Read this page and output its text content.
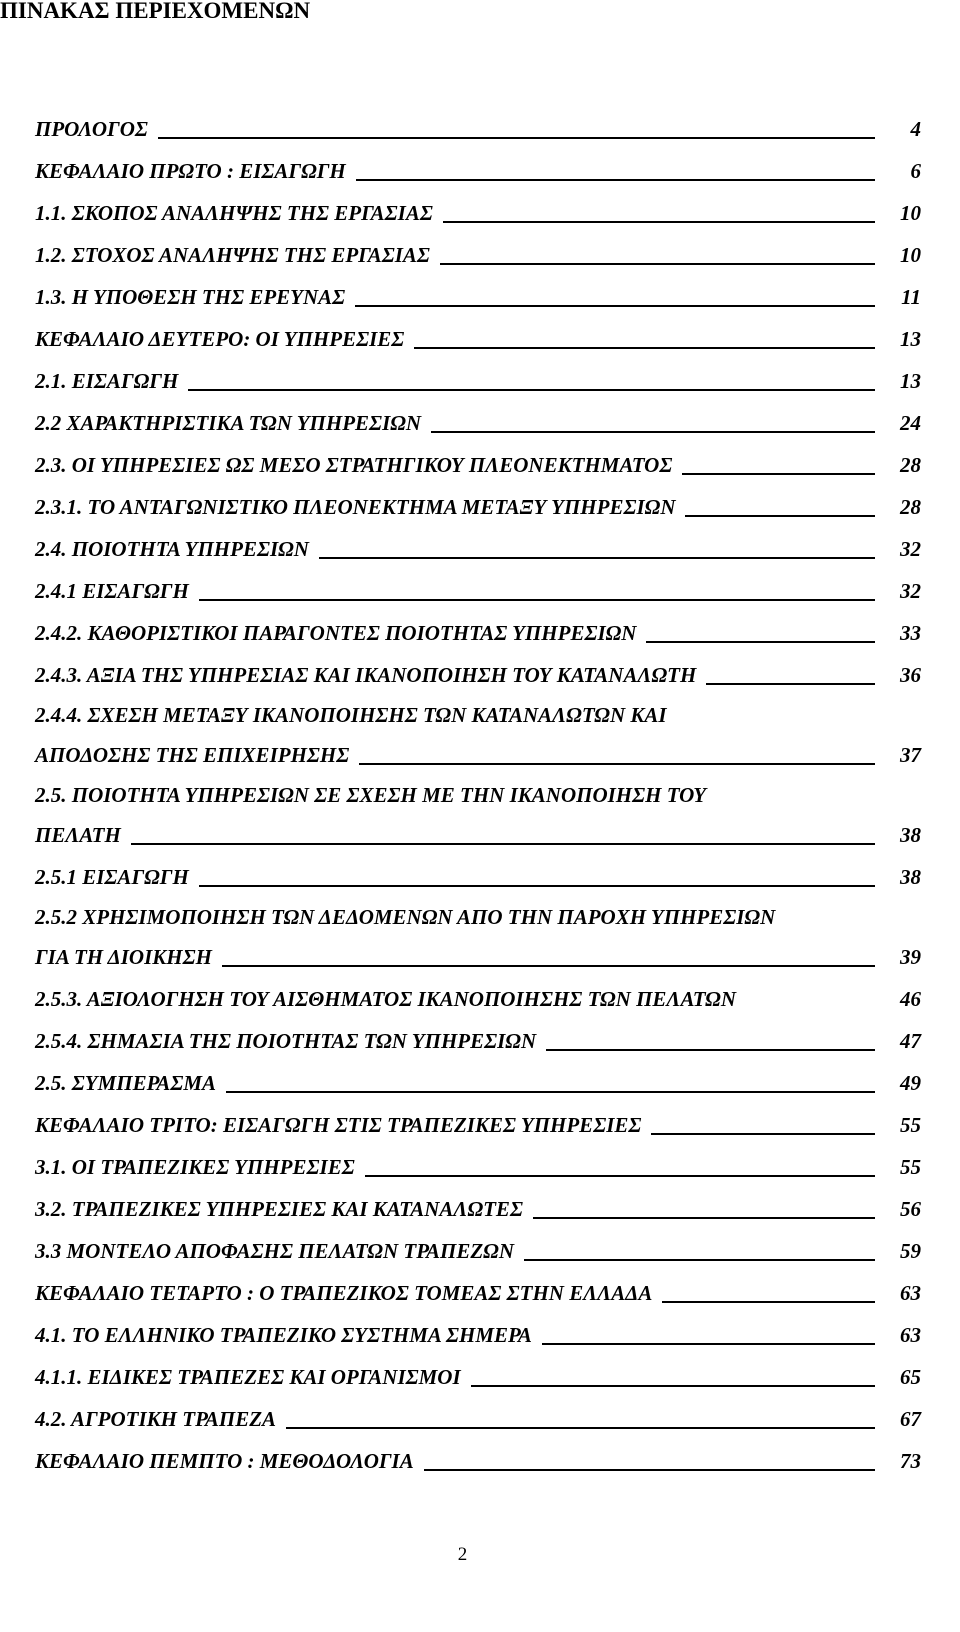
ΠΙΝΑΚΑΣ ΠΕΡΙΕΧΟΜΕΝΩΝ
ΠΡΟΛΟΓΟΣ	4
ΚΕΦΑΛΑΙΟ ΠΡΩΤΟ : ΕΙΣΑΓΩΓΗ	6
1.1. ΣΚΟΠΟΣ ΑΝΑΛΗΨΗΣ ΤΗΣ ΕΡΓΑΣΙΑΣ	10
1.2. ΣΤΟΧΟΣ ΑΝΑΛΗΨΗΣ ΤΗΣ ΕΡΓΑΣΙΑΣ	10
1.3. Η ΥΠΟΘΕΣΗ ΤΗΣ ΕΡΕΥΝΑΣ	11
ΚΕΦΑΛΑΙΟ ΔΕΥΤΕΡΟ: ΟΙ ΥΠΗΡΕΣΙΕΣ	13
2.1. ΕΙΣΑΓΩΓΗ	13
2.2 ΧΑΡΑΚΤΗΡΙΣΤΙΚΑ ΤΩΝ ΥΠΗΡΕΣΙΩΝ	24
2.3. ΟΙ ΥΠΗΡΕΣΙΕΣ ΩΣ ΜΕΣΟ ΣΤΡΑΤΗΓΙΚΟΥ ΠΛΕΟΝΕΚΤΗΜΑΤΟΣ	28
2.3.1. ΤΟ ΑΝΤΑΓΩΝΙΣΤΙΚΟ ΠΛΕΟΝΕΚΤΗΜΑ ΜΕΤΑΞΥ ΥΠΗΡΕΣΙΩΝ	28
2.4. ΠΟΙΟΤΗΤΑ ΥΠΗΡΕΣΙΩΝ	32
2.4.1 ΕΙΣΑΓΩΓΗ	32
2.4.2. ΚΑΘΟΡΙΣΤΙΚΟΙ ΠΑΡΑΓΟΝΤΕΣ ΠΟΙΟΤΗΤΑΣ ΥΠΗΡΕΣΙΩΝ	33
2.4.3. ΑΞΙΑ ΤΗΣ ΥΠΗΡΕΣΙΑΣ ΚΑΙ ΙΚΑΝΟΠΟΙΗΣΗ ΤΟΥ ΚΑΤΑΝΑΛΩΤΗ	36
2.4.4. ΣΧΕΣΗ ΜΕΤΑΞΥ ΙΚΑΝΟΠΟΙΗΣΗΣ ΤΩΝ ΚΑΤΑΝΑΛΩΤΩΝ ΚΑΙ
ΑΠΟΔΟΣΗΣ ΤΗΣ ΕΠΙΧΕΙΡΗΣΗΣ	37
2.5. ΠΟΙΟΤΗΤΑ ΥΠΗΡΕΣΙΩΝ ΣΕ ΣΧΕΣΗ ΜΕ ΤΗΝ ΙΚΑΝΟΠΟΙΗΣΗ ΤΟΥ
ΠΕΛΑΤΗ	38
2.5.1 ΕΙΣΑΓΩΓΗ	38
2.5.2 ΧΡΗΣΙΜΟΠΟΙΗΣΗ ΤΩΝ ΔΕΔΟΜΕΝΩΝ ΑΠΟ ΤΗΝ ΠΑΡΟΧΗ ΥΠΗΡΕΣΙΩΝ
ΓΙΑ ΤΗ ΔΙΟΙΚΗΣΗ	39
2.5.3. ΑΞΙΟΛΟΓΗΣΗ ΤΟΥ ΑΙΣΘΗΜΑΤΟΣ ΙΚΑΝΟΠΟΙΗΣΗΣ ΤΩΝ ΠΕΛΑΤΩΝ	46
2.5.4. ΣΗΜΑΣΙΑ ΤΗΣ ΠΟΙΟΤΗΤΑΣ ΤΩΝ ΥΠΗΡΕΣΙΩΝ	47
2.5. ΣΥΜΠΕΡΑΣΜΑ	49
ΚΕΦΑΛΑΙΟ ΤΡΙΤΟ: ΕΙΣΑΓΩΓΗ ΣΤΙΣ ΤΡΑΠΕΖΙΚΕΣ ΥΠΗΡΕΣΙΕΣ	55
3.1. ΟΙ ΤΡΑΠΕΖΙΚΕΣ ΥΠΗΡΕΣΙΕΣ	55
3.2. ΤΡΑΠΕΖΙΚΕΣ ΥΠΗΡΕΣΙΕΣ ΚΑΙ ΚΑΤΑΝΑΛΩΤΕΣ	56
3.3 ΜΟΝΤΕΛΟ ΑΠΟΦΑΣΗΣ ΠΕΛΑΤΩΝ ΤΡΑΠΕΖΩΝ	59
ΚΕΦΑΛΑΙΟ ΤΕΤΑΡΤΟ : Ο ΤΡΑΠΕΖΙΚΟΣ ΤΟΜΕΑΣ ΣΤΗΝ ΕΛΛΑΔΑ	63
4.1. ΤΟ ΕΛΛΗΝΙΚΟ ΤΡΑΠΕΖΙΚΟ ΣΥΣΤΗΜΑ ΣΗΜΕΡΑ	63
4.1.1. ΕΙΔΙΚΕΣ ΤΡΑΠΕΖΕΣ ΚΑΙ ΟΡΓΑΝΙΣΜΟΙ	65
4.2. ΑΓΡΟΤΙΚΗ ΤΡΑΠΕΖΑ	67
ΚΕΦΑΛΑΙΟ ΠΕΜΠΤΟ : ΜΕΘΟΔΟΛΟΓΙΑ	73
2
